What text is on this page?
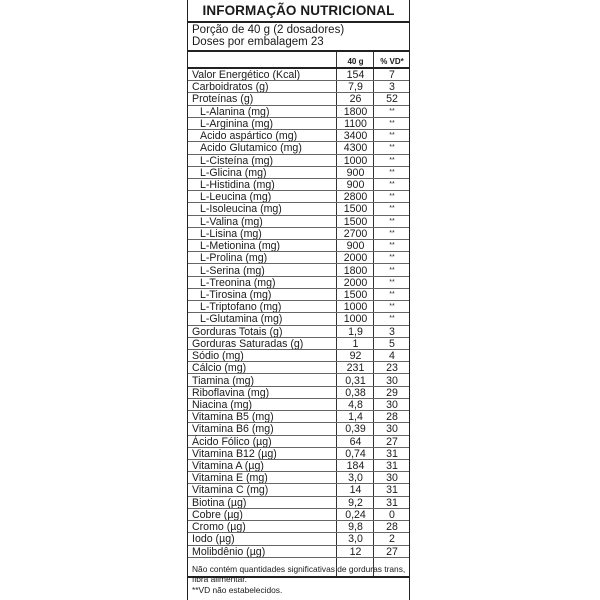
INFORMAÇÃO NUTRICIONAL
Porção de 40 g (2 dosadores)
Doses por embalagem 23
40 g	% VD*
Valor Energético (Kcal)	154	7
Carboidratos (g)	7,9	3
Proteínas (g)	26	52
L-Alanina (mg)	1800	**
L-Arginina (mg)	1100	**
Acido aspártico (mg)	3400	**
Acido Glutamico (mg)	4300	**
L-Cisteína (mg)	1000	**
L-Glicina (mg)	900	**
L-Histidina (mg)	900	**
L-Leucina (mg)	2800	**
L-Isoleucina (mg)	1500	**
L-Valina (mg)	1500	**
L-Lisina (mg)	2700	**
L-Metionina (mg)	900	**
L-Prolina (mg)	2000	**
L-Serina (mg)	1800	**
L-Treonina (mg)	2000	**
L-Tirosina (mg)	1500	**
L-Triptofano (mg)	1000	**
L-Glutamina (mg)	1000	**
Gorduras Totais (g)	1,9	3
Gorduras Saturadas (g)	1	5
Sódio (mg)	92	4
Cálcio (mg)	231	23
Tiamina (mg)	0,31	30
Riboflavina (mg)	0,38	29
Niacina (mg)	4,8	30
Vitamina B5 (mg)	1,4	28
Vitamina B6 (mg)	0,39	30
Ácido Fólico (µg)	64	27
Vitamina B12 (µg)	0,74	31
Vitamina A (µg)	184	31
Vitamina E (mg)	3,0	30
Vitamina C (mg)	14	31
Biotina (µg)	9,2	31
Cobre (µg)	0,24	0
Cromo (µg)	9,8	28
Iodo (µg)	3,0	2
Molibdênio (µg)	12	27
Não contém quantidades significativas de gorduras trans, fibra alimentar.
**VD não estabelecidos.
